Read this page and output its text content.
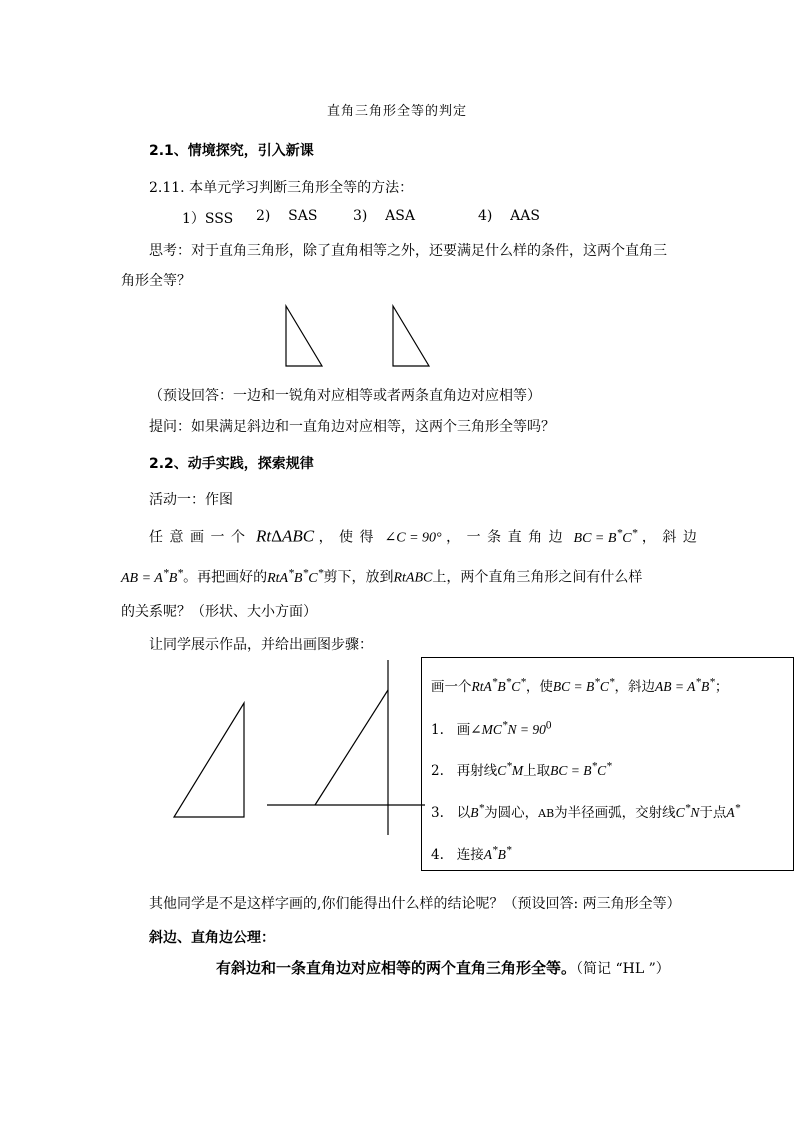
直角三角形全等的判定
2.1、情境探究，引入新课
2.11. 本单元学习判断三角形全等的方法：
1）SSS 2)    SAS	3)    ASA	4)    AAS
思考：对于直角三角形，除了直角相等之外，还要满足什么样的条件，这两个直角三
角形全等？
（预设回答：一边和一锐角对应相等或者两条直角边对应相等）
提问：如果满足斜边和一直角边对应相等，这两个三角形全等吗？
2.2、动手实践，探索规律
活动一：作图
任意画一个 RtΔABC ，使得 ∠C = 90° ，一条直角边 BC = B*C* ，斜边
AB = A*B*。再把画好的RtA*B*C*剪下，放到RtABC上，两个直角三角形之间有什么样
的关系呢？（形状、大小方面）
让同学展示作品，并给出画图步骤：
画一个RtA*B*C*，使BC = B*C*，斜边AB = A*B*；
1. 画∠MC*N = $90^0$
2. 再射线C*M上取BC = B*C*
3. 以B*为圆心，AB为半径画弧，交射线C*N于点A*
4. 连接A*B*
其他同学是不是这样字画的,你们能得出什么样的结论呢？（预设回答: 两三角形全等）
斜边、直角边公理：
有斜边和一条直角边对应相等的两个直角三角形全等。（简记 “HL ”）
